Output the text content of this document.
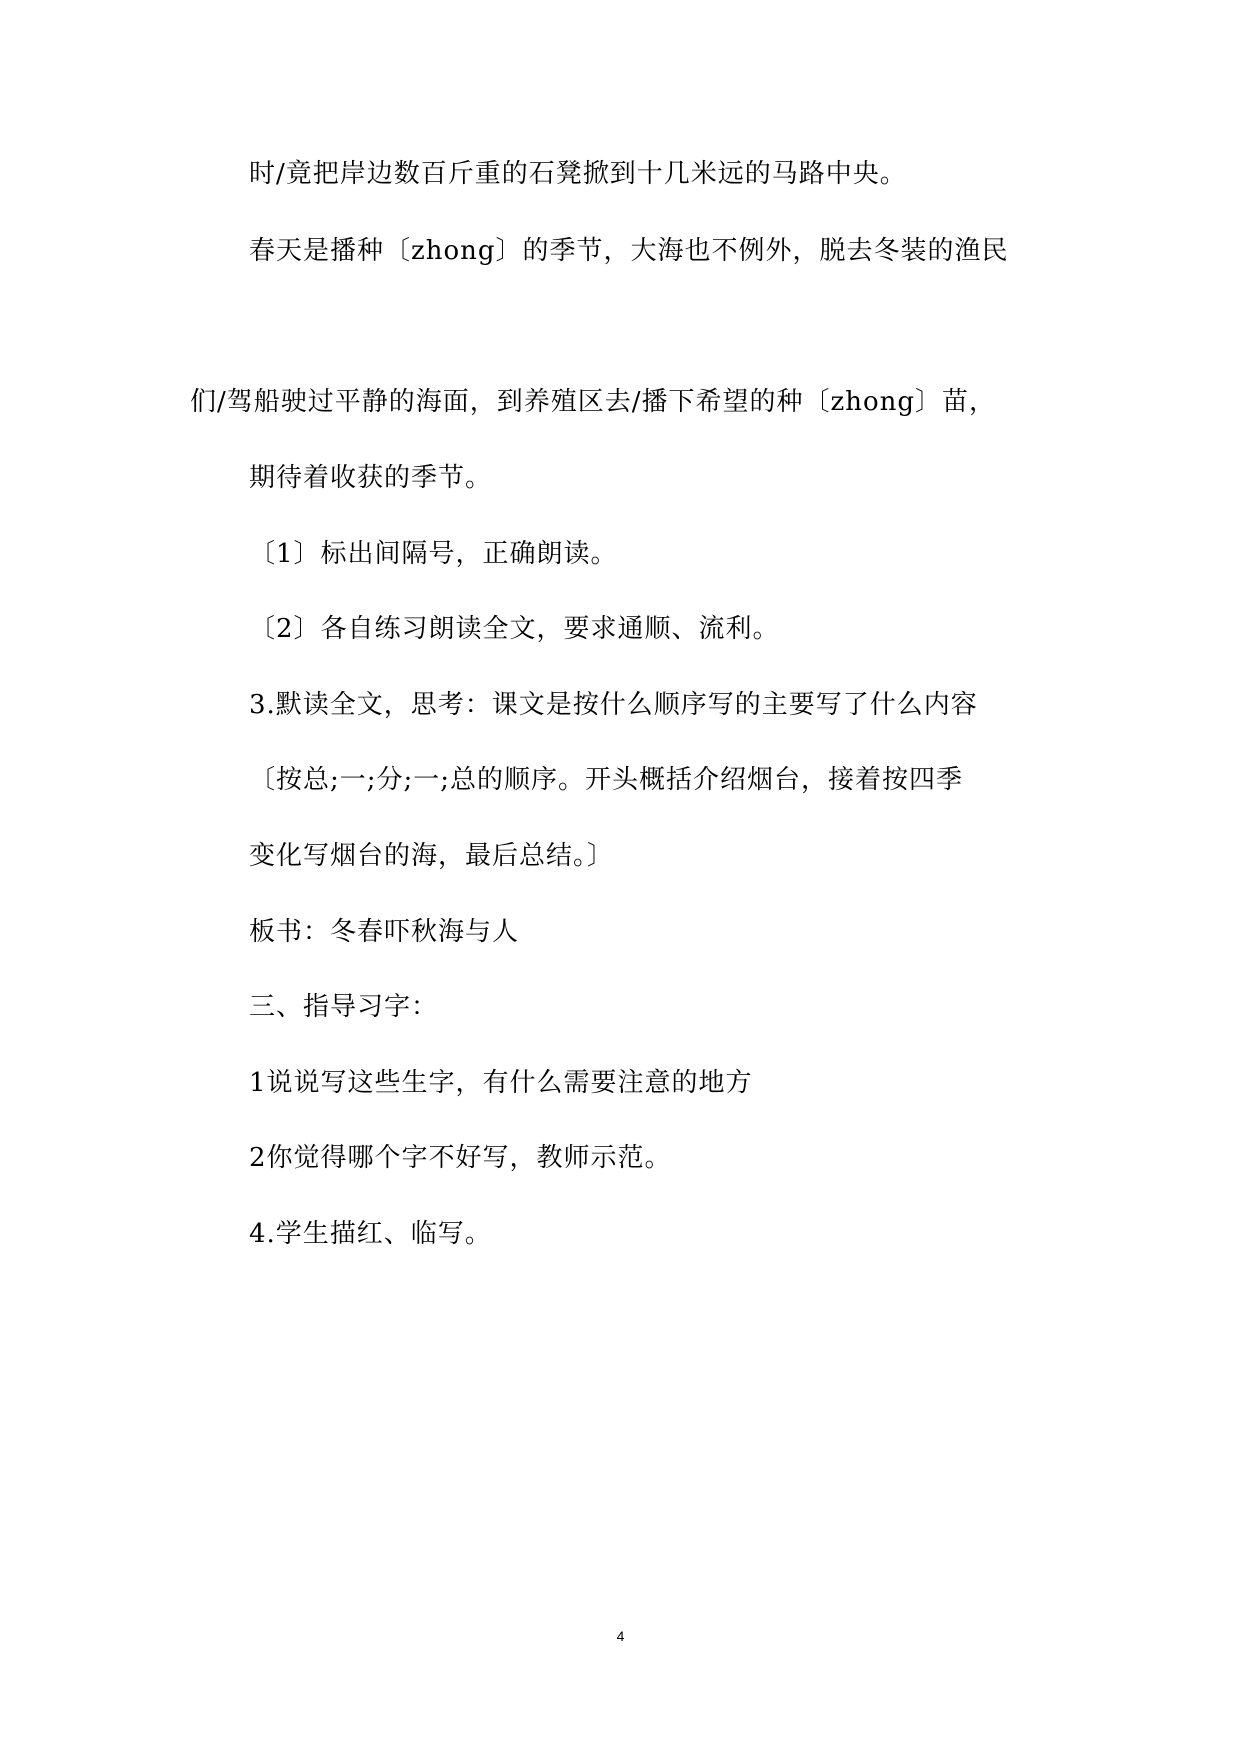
时/竟把岸边数百斤重的石凳掀到十几米远的马路中央。
春天是播种〔zhong〕的季节，大海也不例外，脱去冬装的渔民
们/驾船驶过平静的海面，到养殖区去/播下希望的种〔zhong〕苗，
期待着收获的季节。
〔1〕标出间隔号，正确朗读。
〔2〕各自练习朗读全文，要求通顺、流利。
3.默读全文，思考：课文是按什么顺序写的主要写了什么内容
〔按总;一;分;一;总的顺序。开头概括介绍烟台，接着按四季
变化写烟台的海，最后总结。〕
板书：冬春吓秋海与人
三、指导习字：
1说说写这些生字，有什么需要注意的地方
2你觉得哪个字不好写，教师示范。
4.学生描红、临写。
4
